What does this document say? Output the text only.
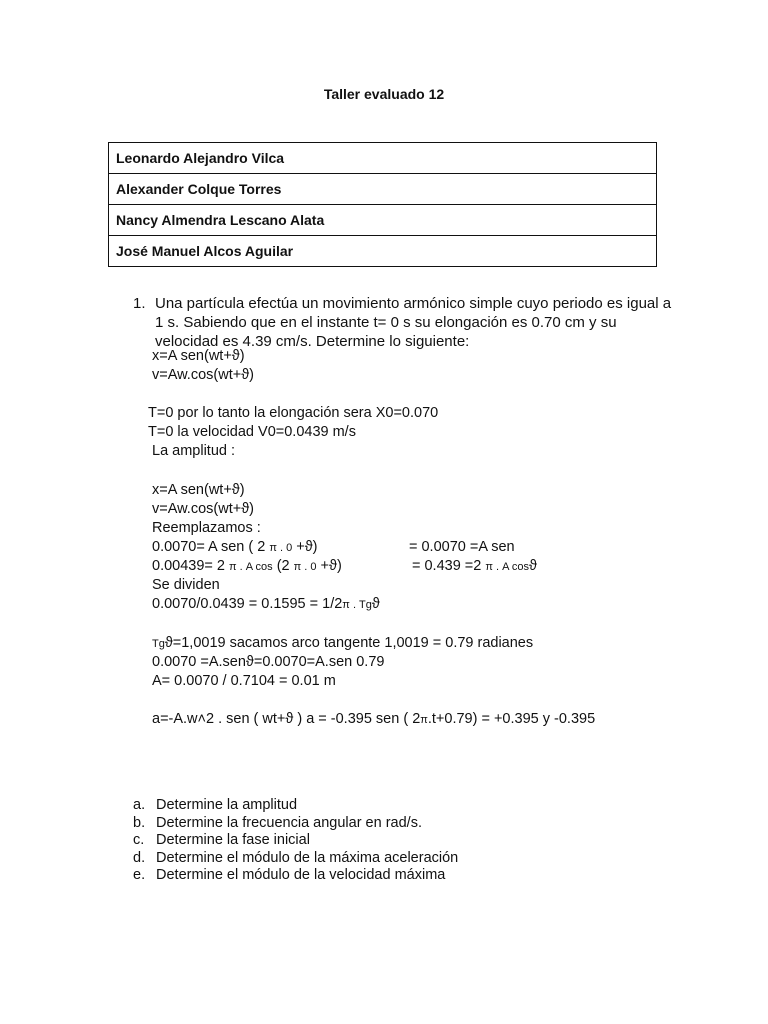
Taller evaluado 12
Leonardo Alejandro Vilca
Alexander Colque Torres
Nancy Almendra Lescano Alata
José Manuel Alcos Aguilar
1. Una partícula efectúa un movimiento armónico simple cuyo periodo es igual a 1 s. Sabiendo que en el instante t= 0 s su elongación es 0.70 cm y su velocidad es 4.39 cm/s. Determine lo siguiente:
x=A sen(wt+ϑ)
v=Aw.cos(wt+ϑ)
T=0 por lo tanto la elongación sera X0=0.070
T=0 la velocidad V0=0.0439 m/s
La amplitud :
x=A sen(wt+ϑ)
v=Aw.cos(wt+ϑ)
Reemplazamos :
0.0070= A sen ( 2 π . 0 +ϑ)	= 0.0070 =A sen
0.00439= 2 π . A cos (2 π . 0 +ϑ)	= 0.439 =2 π . A cosϑ
Se dividen
0.0070/0.0439 = 0.1595 = 1/2π . Tgϑ
Tgϑ=1,0019 sacamos arco tangente 1,0019 = 0.79 radianes
0.0070 =A.senϑ=0.0070=A.sen 0.79
A= 0.0070 / 0.7104 = 0.01 m
a=-A.w˄2 . sen ( wt+ϑ ) a = -0.395 sen ( 2π.t+0.79) = +0.395 y -0.395
a. Determine la amplitud
b. Determine la frecuencia angular en rad/s.
c. Determine la fase inicial
d. Determine el módulo de la máxima aceleración
e. Determine el módulo de la velocidad máxima
